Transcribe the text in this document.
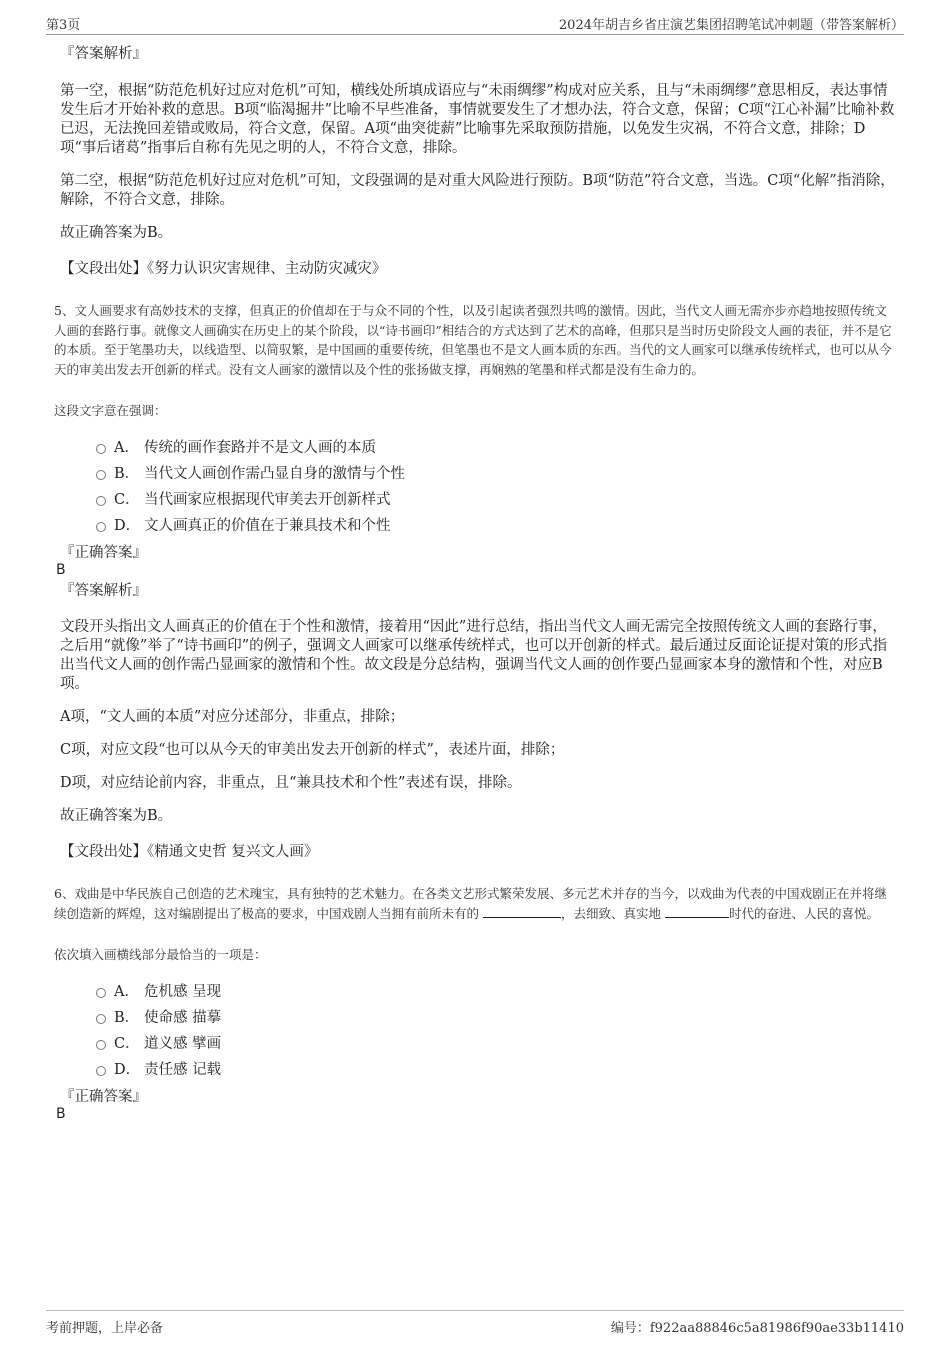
第3页	2024年胡吉乡省庄演艺集团招聘笔试冲刺题（带答案解析）
『答案解析』
第一空，根据“防范危机好过应对危机”可知，横线处所填成语应与“未雨绸缪”构成对应关系，且与“未雨绸缪”意思相反，表达事情发生后才开始补救的意思。B项“临渴掘井”比喻不早些准备，事情就要发生了才想办法，符合文意，保留；C项“江心补漏”比喻补救已迟，无法挽回差错或败局，符合文意，保留。A项“曲突徙薪”比喻事先采取预防措施，以免发生灾祸，不符合文意，排除；D项“事后诸葛”指事后自称有先见之明的人，不符合文意，排除。
第二空，根据“防范危机好过应对危机”可知，文段强调的是对重大风险进行预防。B项“防范”符合文意，当选。C项“化解”指消除，解除，不符合文意，排除。
故正确答案为B。
【文段出处】《努力认识灾害规律、主动防灾减灾》
5、文人画要求有高妙技术的支撑，但真正的价值却在于与众不同的个性，以及引起读者强烈共鸣的激情。因此，当代文人画无需亦步亦趋地按照传统文人画的套路行事。就像文人画确实在历史上的某个阶段，以“诗书画印”相结合的方式达到了艺术的高峰，但那只是当时历史阶段文人画的表征，并不是它的本质。至于笔墨功夫，以线造型、以简驭繁，是中国画的重要传统，但笔墨也不是文人画本质的东西。当代的文人画家可以继承传统样式，也可以从今天的审美出发去开创新的样式。没有文人画家的激情以及个性的张扬做支撑，再娴熟的笔墨和样式都是没有生命力的。
这段文字意在强调：
A． 传统的画作套路并不是文人画的本质
B． 当代文人画创作需凸显自身的激情与个性
C． 当代画家应根据现代审美去开创新样式
D． 文人画真正的价值在于兼具技术和个性
『正确答案』
B
『答案解析』
文段开头指出文人画真正的价值在于个性和激情，接着用“因此”进行总结，指出当代文人画无需完全按照传统文人画的套路行事，之后用“就像”举了“诗书画印”的例子，强调文人画家可以继承传统样式，也可以开创新的样式。最后通过反面论证提对策的形式指出当代文人画的创作需凸显画家的激情和个性。故文段是分总结构，强调当代文人画的创作要凸显画家本身的激情和个性，对应B项。
A项，“文人画的本质”对应分述部分，非重点，排除；
C项，对应文段“也可以从今天的审美出发去开创新的样式”，表述片面，排除；
D项，对应结论前内容，非重点，且“兼具技术和个性”表述有误，排除。
故正确答案为B。
【文段出处】《精通文史哲 复兴文人画》
6、戏曲是中华民族自己创造的艺术瑰宝，具有独特的艺术魅力。在各类文艺形式繁荣发展、多元艺术并存的当今，以戏曲为代表的中国戏剧正在并将继续创造新的辉煌，这对编剧提出了极高的要求，中国戏剧人当拥有前所未有的	，去细致、真实地	时代的奋进、人民的喜悦。
依次填入画横线部分最恰当的一项是：
A． 危机感 呈现
B． 使命感 描摹
C． 道义感 擘画
D． 责任感 记载
『正确答案』
B
考前押题，上岸必备	编号：f922aa88846c5a81986f90ae33b11410
